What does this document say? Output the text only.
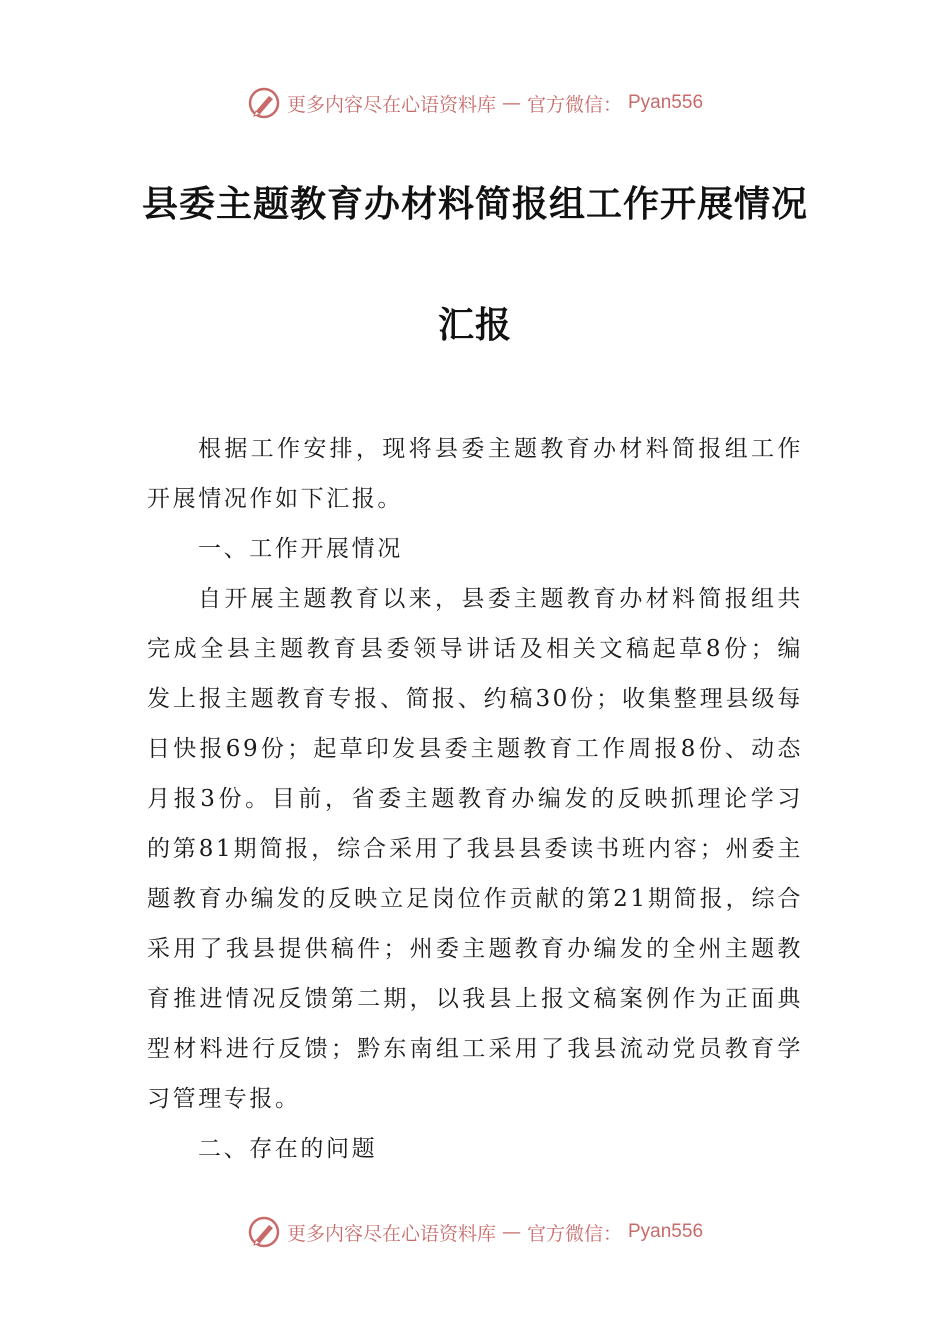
更多内容尽在心语资料库 — 官方微信： Pyan556
县委主题教育办材料简报组工作开展情况
汇报

根据工作安排，现将县委主题教育办材料简报组工作开展情况作如下汇报。

一、工作开展情况

自开展主题教育以来，县委主题教育办材料简报组共完成全县主题教育县委领导讲话及相关文稿起草8份；编发上报主题教育专报、简报、约稿30份；收集整理县级每日快报69份；起草印发县委主题教育工作周报8份、动态月报3份。目前，省委主题教育办编发的反映抓理论学习的第81期简报，综合采用了我县县委读书班内容；州委主题教育办编发的反映立足岗位作贡献的第21期简报，综合采用了我县提供稿件；州委主题教育办编发的全州主题教育推进情况反馈第二期，以我县上报文稿案例作为正面典型材料进行反馈；黔东南组工采用了我县流动党员教育学习管理专报。

二、存在的问题

更多内容尽在心语资料库 — 官方微信： Pyan556
